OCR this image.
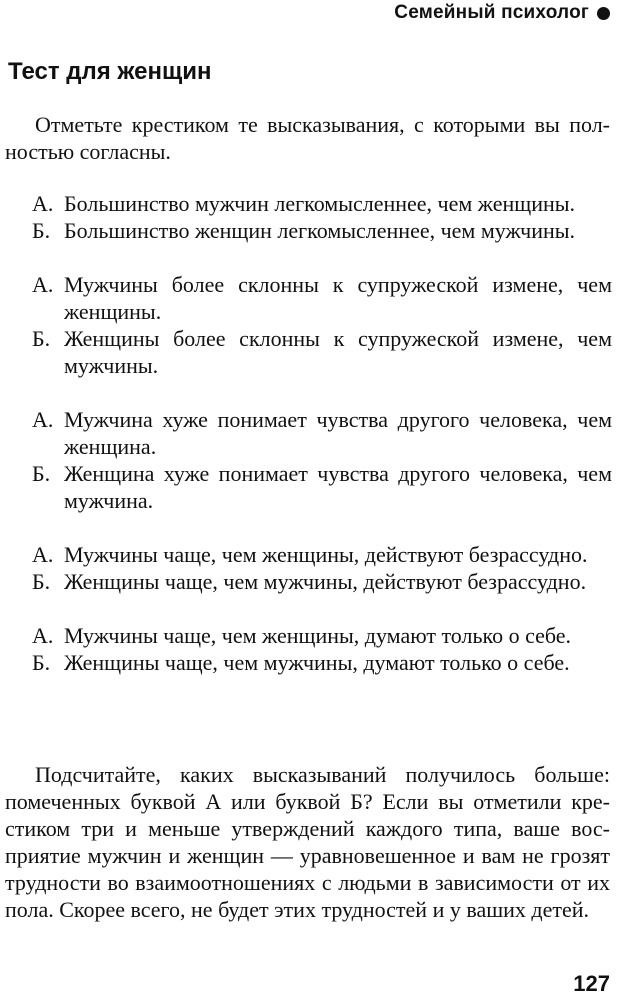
Семейный психолог
Тест для женщин

Отметьте крестиком те высказывания, с которыми вы полностью согласны.

А. Большинство мужчин легкомысленнее, чем женщины.
Б. Большинство женщин легкомысленнее, чем мужчины.
А. Мужчины более склонны к супружеской измене, чем женщины.
Б. Женщины более склонны к супружеской измене, чем мужчины.
А. Мужчина хуже понимает чувства другого человека, чем женщина.
Б. Женщина хуже понимает чувства другого человека, чем мужчина.
А. Мужчины чаще, чем женщины, действуют безрассудно.
Б. Женщины чаще, чем мужчины, действуют безрассудно.
А. Мужчины чаще, чем женщины, думают только о себе.
Б. Женщины чаще, чем мужчины, думают только о себе.

Подсчитайте, каких высказываний получилось больше: помеченных буквой А или буквой Б? Если вы отметили крестиком три и меньше утверждений каждого типа, ваше восприятие мужчин и женщин — уравновешенное и вам не грозят трудности во взаимоотношениях с людьми в зависимости от их пола. Скорее всего, не будет этих трудностей и у ваших детей.

127
